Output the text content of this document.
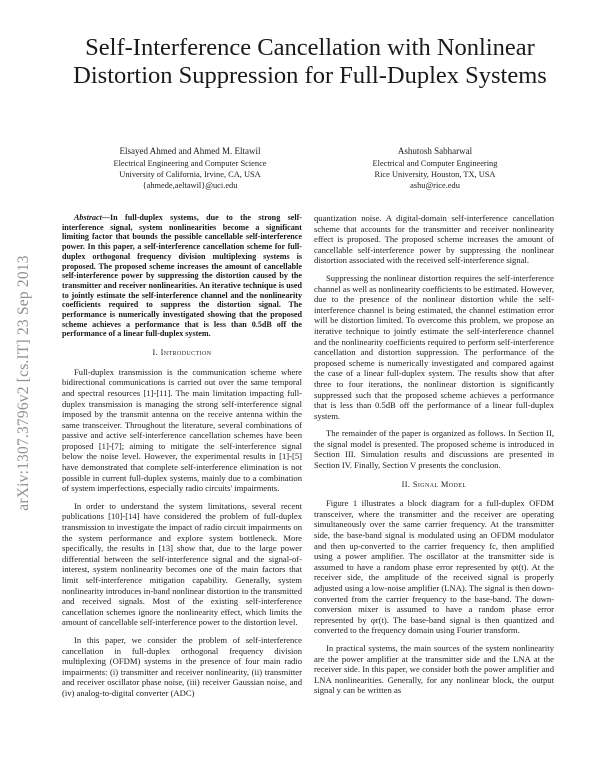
Self-Interference Cancellation with Nonlinear Distortion Suppression for Full-Duplex Systems
Elsayed Ahmed and Ahmed M. Eltawil
Electrical Engineering and Computer Science
University of California, Irvine, CA, USA
{ahmede,aeltawil}@uci.edu
Ashutosh Sabharwal
Electrical and Computer Engineering
Rice University, Houston, TX, USA
ashu@rice.edu
arXiv:1307.3796v2 [cs.IT] 23 Sep 2013

Abstract—In full-duplex systems, due to the strong self-interference signal, system nonlinearities become a significant limiting factor that bounds the possible cancellable self-interference power. In this paper, a self-interference cancellation scheme for full-duplex orthogonal frequency division multiplexing systems is proposed. The proposed scheme increases the amount of cancellable self-interference power by suppressing the distortion caused by the transmitter and receiver nonlinearities. An iterative technique is used to jointly estimate the self-interference channel and the nonlinearity coefficients required to suppress the distortion signal. The performance is numerically investigated showing that the proposed scheme achieves a performance that is less than 0.5dB off the performance of a linear full-duplex system.

I. Introduction

Full-duplex transmission is the communication scheme where bidirectional communications is carried out over the same temporal and spectral resources [1]-[11]. The main limitation impacting full-duplex transmission is managing the strong self-interference signal imposed by the transmit antenna on the receive antenna within the same transceiver. Throughout the literature, several combinations of passive and active self-interference cancellation schemes have been proposed [1]-[7]; aiming to mitigate the self-interference signal below the noise level. However, the experimental results in [1]-[5] have demonstrated that complete self-interference elimination is not possible in current full-duplex systems, mainly due to a combination of system imperfections, especially radio circuits' impairments.

In order to understand the system limitations, several recent publications [10]-[14] have considered the problem of full-duplex transmission to investigate the impact of radio circuit impairments on the system performance and explore system bottleneck. More specifically, the results in [13] show that, due to the large power differential between the self-interference signal and the signal-of-interest, system nonlinearity becomes one of the main factors that limit self-interference mitigation capability. Generally, system nonlinearity introduces in-band nonlinear distortion to the transmitted and received signals. Most of the existing self-interference cancellation schemes ignore the nonlinearity effect, which limits the amount of cancellable self-interference power to the distortion level.

In this paper, we consider the problem of self-interference cancellation in full-duplex orthogonal frequency division multiplexing (OFDM) systems in the presence of four main radio impairments: (i) transmitter and receiver nonlinearity, (ii) transmitter and receiver oscillator phase noise, (iii) receiver Gaussian noise, and (iv) analog-to-digital converter (ADC)

quantization noise. A digital-domain self-interference cancellation scheme that accounts for the transmitter and receiver nonlinearity effect is proposed. The proposed scheme increases the amount of cancellable self-interference power by suppressing the nonlinear distortion associated with the received self-interference signal.

Suppressing the nonlinear distortion requires the self-interference channel as well as nonlinearity coefficients to be estimated. However, due to the presence of the nonlinear distortion while the self-interference channel is being estimated, the channel estimation error will be distortion limited. To overcome this problem, we propose an iterative technique to jointly estimate the self-interference channel and the nonlinearity coefficients required to perform self-interference cancellation and distortion suppression. The performance of the proposed scheme is numerically investigated and compared against the case of a linear full-duplex system. The results show that after three to four iterations, the nonlinear distortion is significantly suppressed such that the proposed scheme achieves a performance that is less than 0.5dB off the performance of a linear full-duplex system.

The remainder of the paper is organized as follows. In Section II, the signal model is presented. The proposed scheme is introduced in Section III. Simulation results and discussions are presented in Section IV. Finally, Section V presents the conclusion.

II. Signal Model

Figure 1 illustrates a block diagram for a full-duplex OFDM transceiver, where the transmitter and the receiver are operating simultaneously over the same carrier frequency. At the transmitter side, the base-band signal is modulated using an OFDM modulator and then up-converted to the carrier frequency fc, then amplified using a power amplifier. The oscillator at the transmitter side is assumed to have a random phase error represented by φt(t). At the receiver side, the amplitude of the received signal is properly adjusted using a low-noise amplifier (LNA). The signal is then down-converted from the carrier frequency to the base-band. The down-conversion mixer is assumed to have a random phase error represented by φr(t). The base-band signal is then quantized and converted to the frequency domain using Fourier transform.

In practical systems, the main sources of the system nonlinearity are the power amplifier at the transmitter side and the LNA at the receiver side. In this paper, we consider both the power amplifier and LNA nonlinearities. Generally, for any nonlinear block, the output signal y can be written as
